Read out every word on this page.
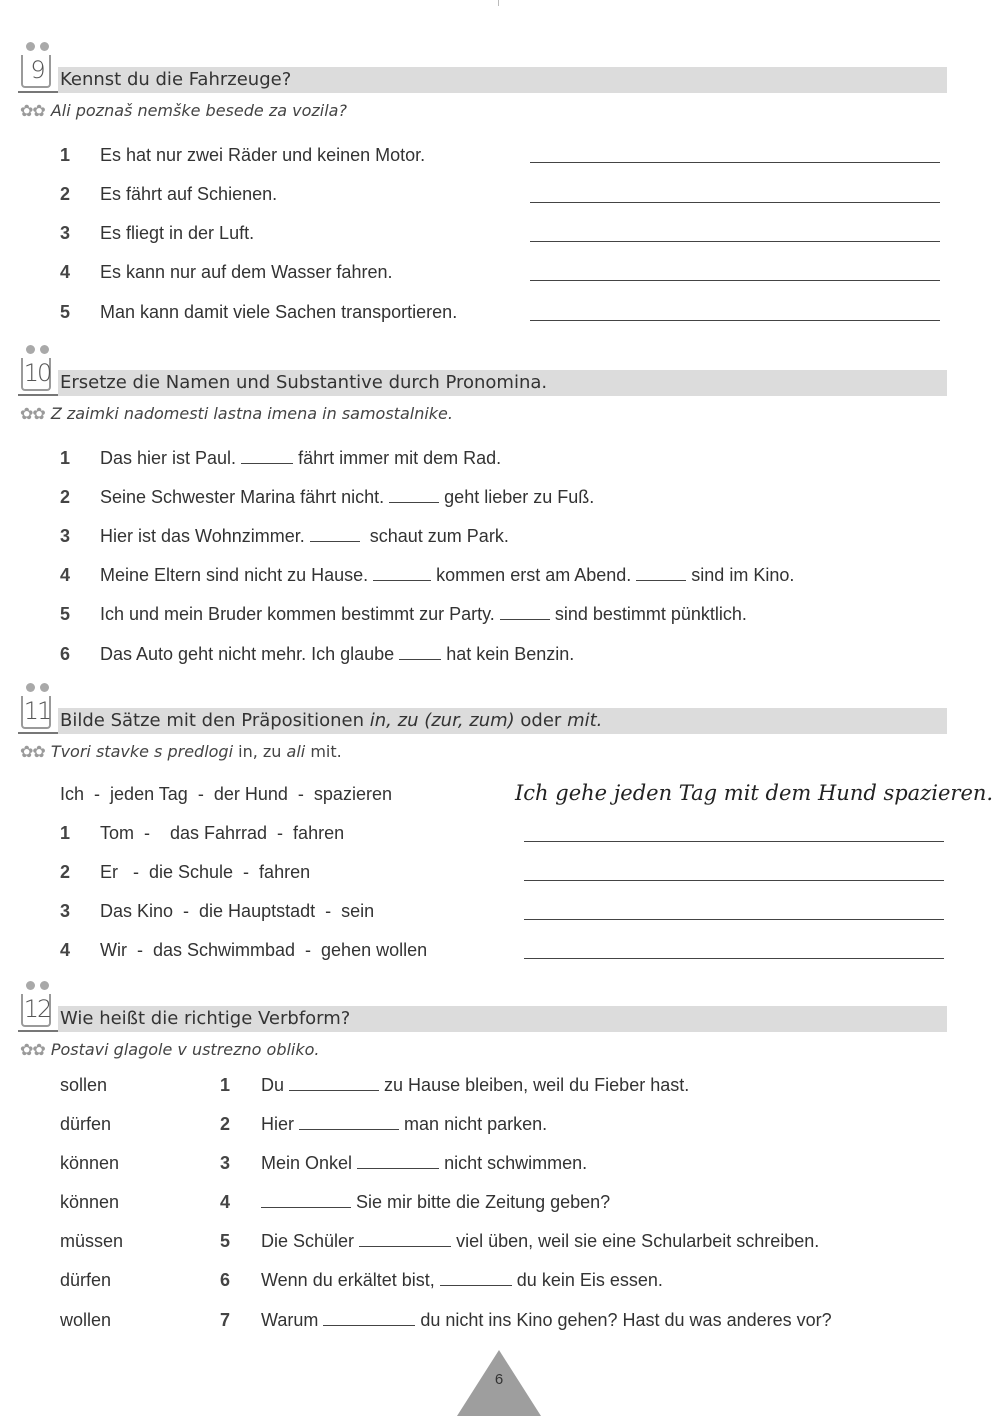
9 Kennst du die Fahrzeuge?
✿✿ Ali poznaš nemške besede za vozila?
1 Es hat nur zwei Räder und keinen Motor.
2 Es fährt auf Schienen.
3 Es fliegt in der Luft.
4 Es kann nur auf dem Wasser fahren.
5 Man kann damit viele Sachen transportieren.
10 Ersetze die Namen und Substantive durch Pronomina.
✿✿ Z zaimki nadomesti lastna imena in samostalnike.
1 Das hier ist Paul.	fährt immer mit dem Rad.
2 Seine Schwester Marina fährt nicht.	geht lieber zu Fuß.
3 Hier ist das Wohnzimmer.	schaut zum Park.
4 Meine Eltern sind nicht zu Hause.	kommen erst am Abend.	sind im Kino.
5 Ich und mein Bruder kommen bestimmt zur Party.	sind bestimmt pünktlich.
6 Das Auto geht nicht mehr. Ich glaube	hat kein Benzin.
11 Bilde Sätze mit den Präpositionen in, zu (zur, zum) oder mit.
✿✿ Tvori stavke s predlogi in, zu ali mit.
Ich - jeden Tag - der Hund - spazieren	Ich gehe jeden Tag mit dem Hund spazieren.
1 Tom  -    das Fahrrad  -  fahren
2 Er   -  die Schule  -  fahren
3 Das Kino  -  die Hauptstadt  -  sein
4 Wir  -  das Schwimmbad  -  gehen wollen
12 Wie heißt die richtige Verbform?
✿✿ Postavi glagole v ustrezno obliko.
sollen	1 Du	zu Hause bleiben, weil du Fieber hast.
dürfen	2 Hier	man nicht parken.
können	3 Mein Onkel	nicht schwimmen.
können	4	Sie mir bitte die Zeitung geben?
müssen	5 Die Schüler	viel üben, weil sie eine Schularbeit schreiben.
dürfen	6 Wenn du erkältet bist,	du kein Eis essen.
wollen	7 Warum	du nicht ins Kino gehen? Hast du was anderes vor?
6
